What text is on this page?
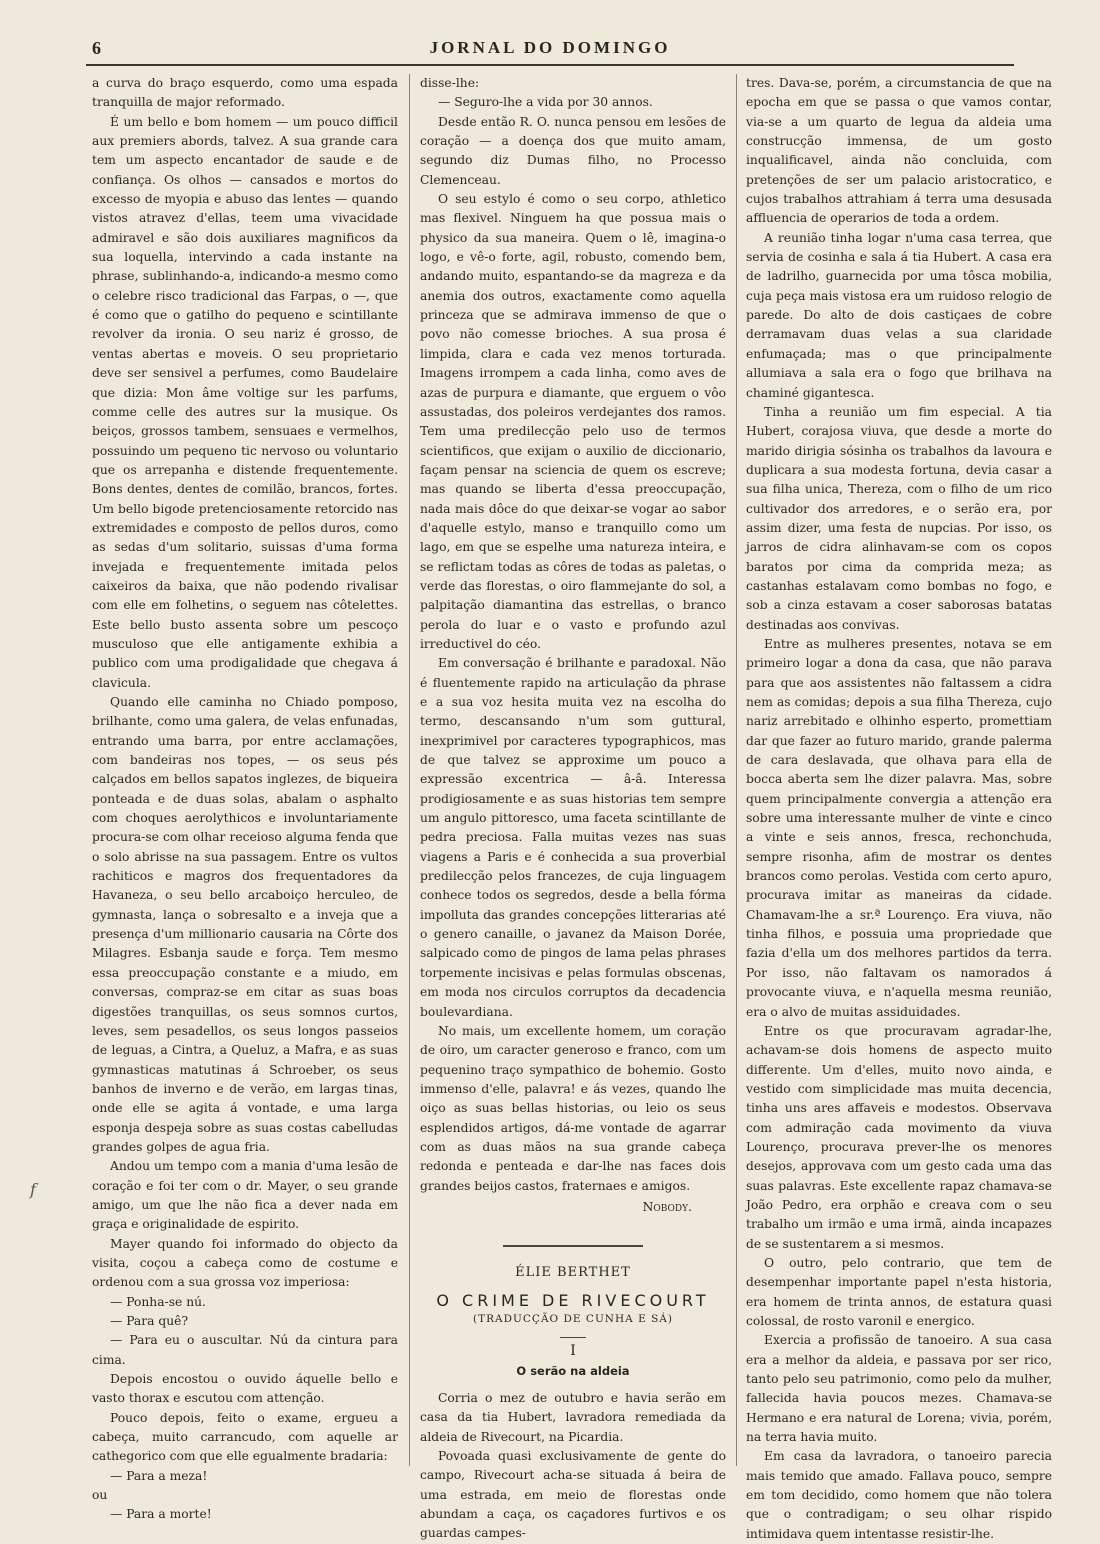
6	JORNAL DO DOMINGO
f

a curva do braço esquerdo, como uma espada tranquilla de major reformado.

É um bello e bom homem — um pouco difficil aux premiers abords, talvez. A sua grande cara tem um aspecto encantador de saude e de confiança. Os olhos — cansados e mortos do excesso de myopia e abuso das lentes — quando vistos atravez d'ellas, teem uma vivacidade admiravel e são dois auxiliares magnificos da sua loquella, intervindo a cada instante na phrase, sublinhando-a, indicando-a mesmo como o celebre risco tradicional das Farpas, o —, que é como que o gatilho do pequeno e scintillante revolver da ironia. O seu nariz é grosso, de ventas abertas e moveis. O seu proprietario deve ser sensivel a perfumes, como Baudelaire que dizia: Mon âme voltige sur les parfums, comme celle des autres sur la musique. Os beiços, grossos tambem, sensuaes e vermelhos, possuindo um pequeno tic nervoso ou voluntario que os arrepanha e distende frequentemente. Bons dentes, dentes de comilão, brancos, fortes. Um bello bigode pretenciosamente retorcido nas extremidades e composto de pellos duros, como as sedas d'um solitario, suissas d'uma forma invejada e frequentemente imitada pelos caixeiros da baixa, que não podendo rivalisar com elle em folhetins, o seguem nas côtelettes. Este bello busto assenta sobre um pescoço musculoso que elle antigamente exhibia a publico com uma prodigalidade que chegava á clavicula.

Quando elle caminha no Chiado pomposo, brilhante, como uma galera, de velas enfunadas, entrando uma barra, por entre acclamações, com bandeiras nos topes, — os seus pés calçados em bellos sapatos inglezes, de biqueira ponteada e de duas solas, abalam o asphalto com choques aerolythicos e involuntariamente procura-se com olhar receioso alguma fenda que o solo abrisse na sua passagem. Entre os vultos rachiticos e magros dos frequentadores da Havaneza, o seu bello arcaboiço herculeo, de gymnasta, lança o sobresalto e a inveja que a presença d'um millionario causaria na Côrte dos Milagres. Esbanja saude e força. Tem mesmo essa preoccupação constante e a miudo, em conversas, compraz-se em citar as suas boas digestões tranquillas, os seus somnos curtos, leves, sem pesadellos, os seus longos passeios de leguas, a Cintra, a Queluz, a Mafra, e as suas gymnasticas matutinas á Schroeber, os seus banhos de inverno e de verão, em largas tinas, onde elle se agita á vontade, e uma larga esponja despeja sobre as suas costas cabelludas grandes golpes de agua fria.

Andou um tempo com a mania d'uma lesão de coração e foi ter com o dr. Mayer, o seu grande amigo, um que lhe não fica a dever nada em graça e originalidade de espirito.

Mayer quando foi informado do objecto da visita, coçou a cabeça como de costume e ordenou com a sua grossa voz imperiosa:

— Ponha-se nú.

— Para quê?

— Para eu o auscultar. Nú da cintura para cima.

Depois encostou o ouvido áquelle bello e vasto thorax e escutou com attenção.

Pouco depois, feito o exame, ergueu a cabeça, muito carrancudo, com aquelle ar cathegorico com que elle egualmente bradaria:

— Para a meza!

ou

— Para a morte!

disse-lhe:

— Seguro-lhe a vida por 30 annos.

Desde então R. O. nunca pensou em lesões de coração — a doença dos que muito amam, segundo diz Dumas filho, no Processo Clemenceau.

O seu estylo é como o seu corpo, athletico mas flexivel. Ninguem ha que possua mais o physico da sua maneira. Quem o lê, imagina-o logo, e vê-o forte, agil, robusto, comendo bem, andando muito, espantando-se da magreza e da anemia dos outros, exactamente como aquella princeza que se admirava immenso de que o povo não comesse brioches. A sua prosa é limpida, clara e cada vez menos torturada. Imagens irrompem a cada linha, como aves de azas de purpura e diamante, que erguem o vôo assustadas, dos poleiros verdejantes dos ramos. Tem uma predilecção pelo uso de termos scientificos, que exijam o auxilio de diccionario, façam pensar na sciencia de quem os escreve; mas quando se liberta d'essa preoccupação, nada mais dôce do que deixar-se vogar ao sabor d'aquelle estylo, manso e tranquillo como um lago, em que se espelhe uma natureza inteira, e se reflictam todas as côres de todas as paletas, o verde das florestas, o oiro flammejante do sol, a palpitação diamantina das estrellas, o branco perola do luar e o vasto e profundo azul irreductivel do céo.

Em conversação é brilhante e paradoxal. Não é fluentemente rapido na articulação da phrase e a sua voz hesita muita vez na escolha do termo, descansando n'um som guttural, inexprimivel por caracteres typographicos, mas de que talvez se approxime um pouco a expressão excentrica — â-â. Interessa prodigiosamente e as suas historias tem sempre um angulo pittoresco, uma faceta scintillante de pedra preciosa. Falla muitas vezes nas suas viagens a Paris e é conhecida a sua proverbial predilecção pelos francezes, de cuja linguagem conhece todos os segredos, desde a bella fórma impolluta das grandes concepções litterarias até o genero canaille, o javanez da Maison Dorée, salpicado como de pingos de lama pelas phrases torpemente incisivas e pelas formulas obscenas, em moda nos circulos corruptos da decadencia boulevardiana.

No mais, um excellente homem, um coração de oiro, um caracter generoso e franco, com um pequenino traço sympathico de bohemio. Gosto immenso d'elle, palavra! e ás vezes, quando lhe oiço as suas bellas historias, ou leio os seus esplendidos artigos, dá-me vontade de agarrar com as duas mãos na sua grande cabeça redonda e penteada e dar-lhe nas faces dois grandes beijos castos, fraternaes e amigos.

Nobody.

ÉLIE BERTHET

O CRIME DE RIVECOURT

(TRADUCÇÃO DE CUNHA E SÁ)

I

O serão na aldeia

Corria o mez de outubro e havia serão em casa da tia Hubert, lavradora remediada da aldeia de Rivecourt, na Picardia.

Povoada quasi exclusivamente de gente do campo, Rivecourt acha-se situada á beira de uma estrada, em meio de florestas onde abundam a caça, os caçadores furtivos e os guardas campes-

tres. Dava-se, porém, a circumstancia de que na epocha em que se passa o que vamos contar, via-se a um quarto de legua da aldeia uma construcção immensa, de um gosto inqualificavel, ainda não concluida, com pretenções de ser um palacio aristocratico, e cujos trabalhos attrahiam á terra uma desusada affluencia de operarios de toda a ordem.

A reunião tinha logar n'uma casa terrea, que servia de cosinha e sala á tia Hubert. A casa era de ladrilho, guarnecida por uma tôsca mobilia, cuja peça mais vistosa era um ruidoso relogio de parede. Do alto de dois castiçaes de cobre derramavam duas velas a sua claridade enfumaçada; mas o que principalmente allumiava a sala era o fogo que brilhava na chaminé gigantesca.

Tinha a reunião um fim especial. A tia Hubert, corajosa viuva, que desde a morte do marido dirigia sósinha os trabalhos da lavoura e duplicara a sua modesta fortuna, devia casar a sua filha unica, Thereza, com o filho de um rico cultivador dos arredores, e o serão era, por assim dizer, uma festa de nupcias. Por isso, os jarros de cidra alinhavam-se com os copos baratos por cima da comprida meza; as castanhas estalavam como bombas no fogo, e sob a cinza estavam a coser saborosas batatas destinadas aos convivas.

Entre as mulheres presentes, notava se em primeiro logar a dona da casa, que não parava para que aos assistentes não faltassem a cidra nem as comidas; depois a sua filha Thereza, cujo nariz arrebitado e olhinho esperto, promettiam dar que fazer ao futuro marido, grande palerma de cara deslavada, que olhava para ella de bocca aberta sem lhe dizer palavra. Mas, sobre quem principalmente convergia a attenção era sobre uma interessante mulher de vinte e cinco a vinte e seis annos, fresca, rechonchuda, sempre risonha, afim de mostrar os dentes brancos como perolas. Vestida com certo apuro, procurava imitar as maneiras da cidade. Chamavam-lhe a sr.ª Lourenço. Era viuva, não tinha filhos, e possuia uma propriedade que fazia d'ella um dos melhores partidos da terra. Por isso, não faltavam os namorados á provocante viuva, e n'aquella mesma reunião, era o alvo de muitas assiduidades.

Entre os que procuravam agradar-lhe, achavam-se dois homens de aspecto muito differente. Um d'elles, muito novo ainda, e vestido com simplicidade mas muita decencia, tinha uns ares affaveis e modestos. Observava com admiração cada movimento da viuva Lourenço, procurava prever-lhe os menores desejos, approvava com um gesto cada uma das suas palavras. Este excellente rapaz chamava-se João Pedro, era orphão e creava com o seu trabalho um irmão e uma irmã, ainda incapazes de se sustentarem a si mesmos.

O outro, pelo contrario, que tem de desempenhar importante papel n'esta historia, era homem de trinta annos, de estatura quasi colossal, de rosto varonil e energico.

Exercia a profissão de tanoeiro. A sua casa era a melhor da aldeia, e passava por ser rico, tanto pelo seu patrimonio, como pelo da mulher, fallecida havia poucos mezes. Chamava-se Hermano e era natural de Lorena; vivia, porém, na terra havia muito.

Em casa da lavradora, o tanoeiro parecia mais temido que amado. Fallava pouco, sempre em tom decidido, como homem que não tolera que o contradigam; o seu olhar rispido intimidava quem intentasse resistir-lhe.
